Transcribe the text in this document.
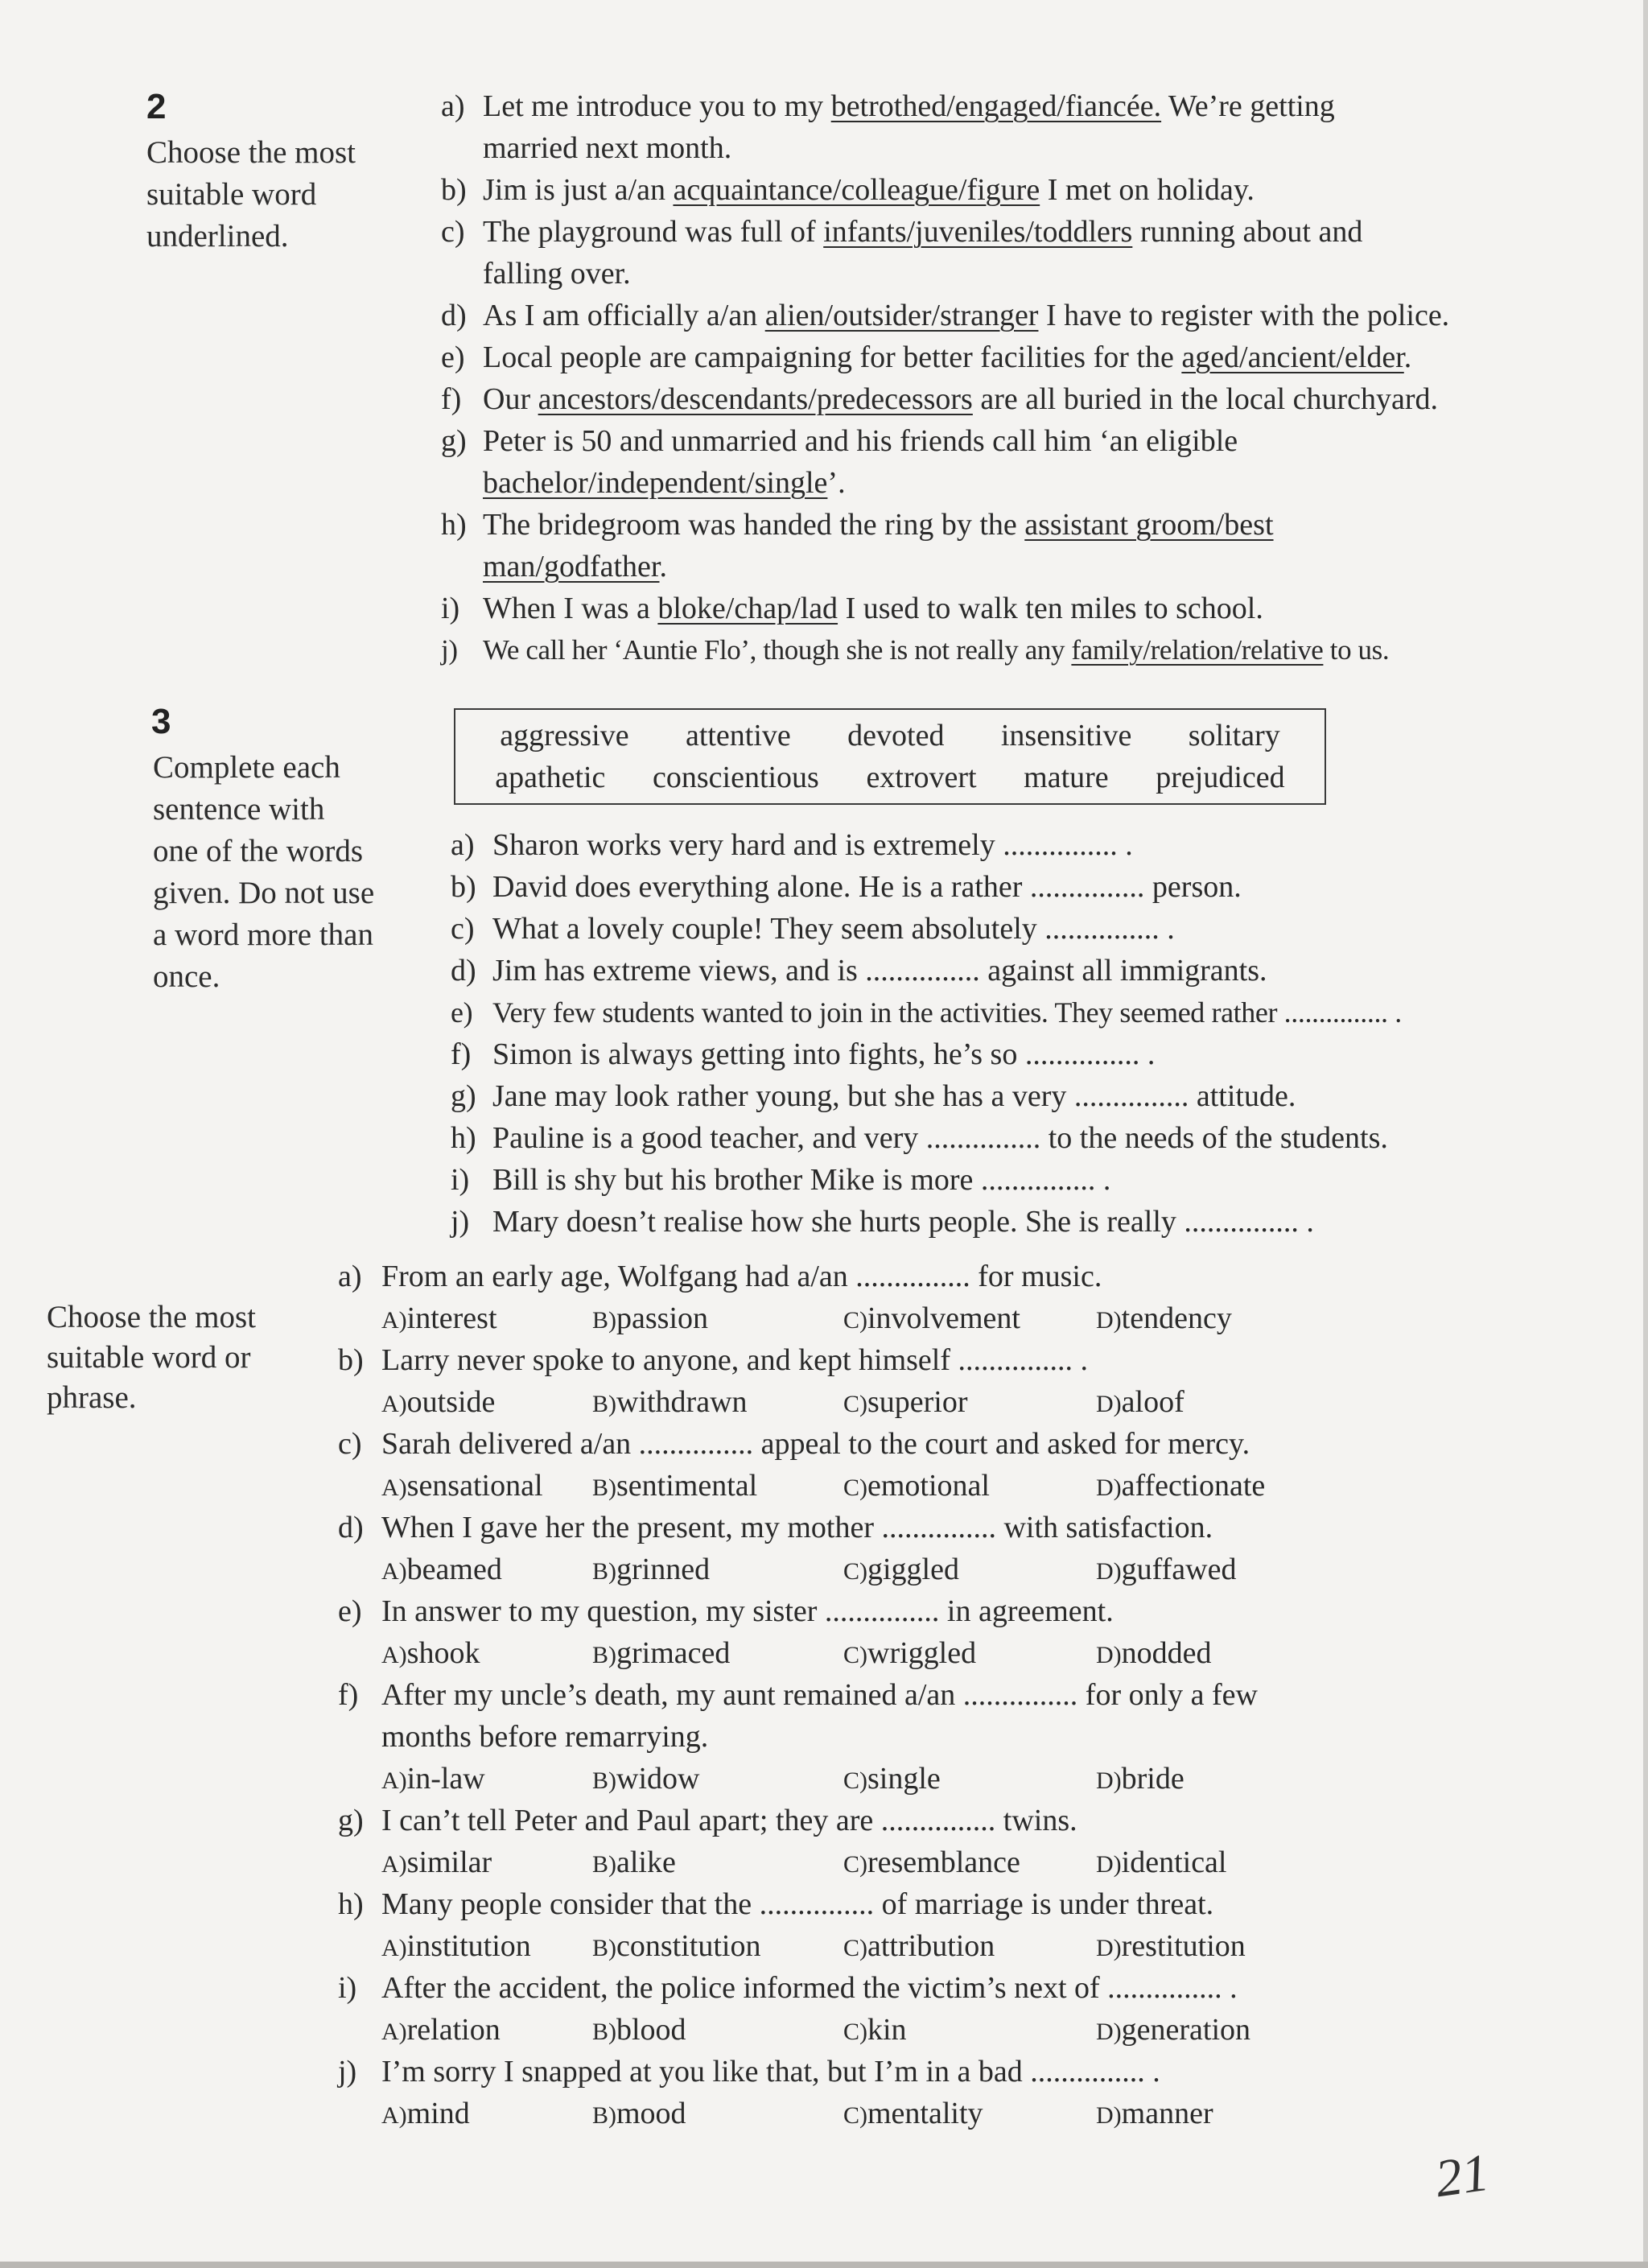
2
Choose the most
suitable word
underlined.
a) Let me introduce you to my betrothed/engaged/fiancée. We’re getting
married next month.
b) Jim is just a/an acquaintance/colleague/figure I met on holiday.
c) The playground was full of infants/juveniles/toddlers running about and
falling over.
d) As I am officially a/an alien/outsider/stranger I have to register with the police.
e) Local people are campaigning for better facilities for the aged/ancient/elder.
f) Our ancestors/descendants/predecessors are all buried in the local churchyard.
g) Peter is 50 and unmarried and his friends call him ‘an eligible
bachelor/independent/single’.
h) The bridegroom was handed the ring by the assistant groom/best
man/godfather.
i) When I was a bloke/chap/lad I used to walk ten miles to school.
j) We call her ‘Auntie Flo’, though she is not really any family/relation/relative to us.
3
Complete each
sentence with
one of the words
given. Do not use
a word more than
once.
aggressive attentive devoted insensitive solitary
apathetic conscientious extrovert mature prejudiced
a) Sharon works very hard and is extremely ............... .
b) David does everything alone. He is a rather ............... person.
c) What a lovely couple! They seem absolutely ............... .
d) Jim has extreme views, and is ............... against all immigrants.
e) Very few students wanted to join in the activities. They seemed rather ............... .
f) Simon is always getting into fights, he’s so ............... .
g) Jane may look rather young, but she has a very ............... attitude.
h) Pauline is a good teacher, and very ............... to the needs of the students.
i) Bill is shy but his brother Mike is more ............... .
j) Mary doesn’t realise how she hurts people. She is really ............... .
Choose the most
suitable word or
phrase.
a) From an early age, Wolfgang had a/an ............... for music.
A)interest	B)passion	C)involvement	D)tendency
b) Larry never spoke to anyone, and kept himself ............... .
A)outside	B)withdrawn	C)superior	D)aloof
c) Sarah delivered a/an ............... appeal to the court and asked for mercy.
A)sensational B)sentimental	C)emotional	D)affectionate
d) When I gave her the present, my mother ............... with satisfaction.
A)beamed	B)grinned	C)giggled	D)guffawed
e) In answer to my question, my sister ............... in agreement.
A)shook	B)grimaced	C)wriggled	D)nodded
f) After my uncle’s death, my aunt remained a/an ............... for only a few
months before remarrying.
A)in-law	B)widow	C)single	D)bride
g) I can’t tell Peter and Paul apart; they are ............... twins.
A)similar	B)alike	C)resemblance	D)identical
h) Many people consider that the ............... of marriage is under threat.
A)institution	B)constitution	C)attribution	D)restitution
i) After the accident, the police informed the victim’s next of ............... .
A)relation	B)blood	C)kin	D)generation
j) I’m sorry I snapped at you like that, but I’m in a bad ............... .
A)mind	B)mood	C)mentality	D)manner
21
